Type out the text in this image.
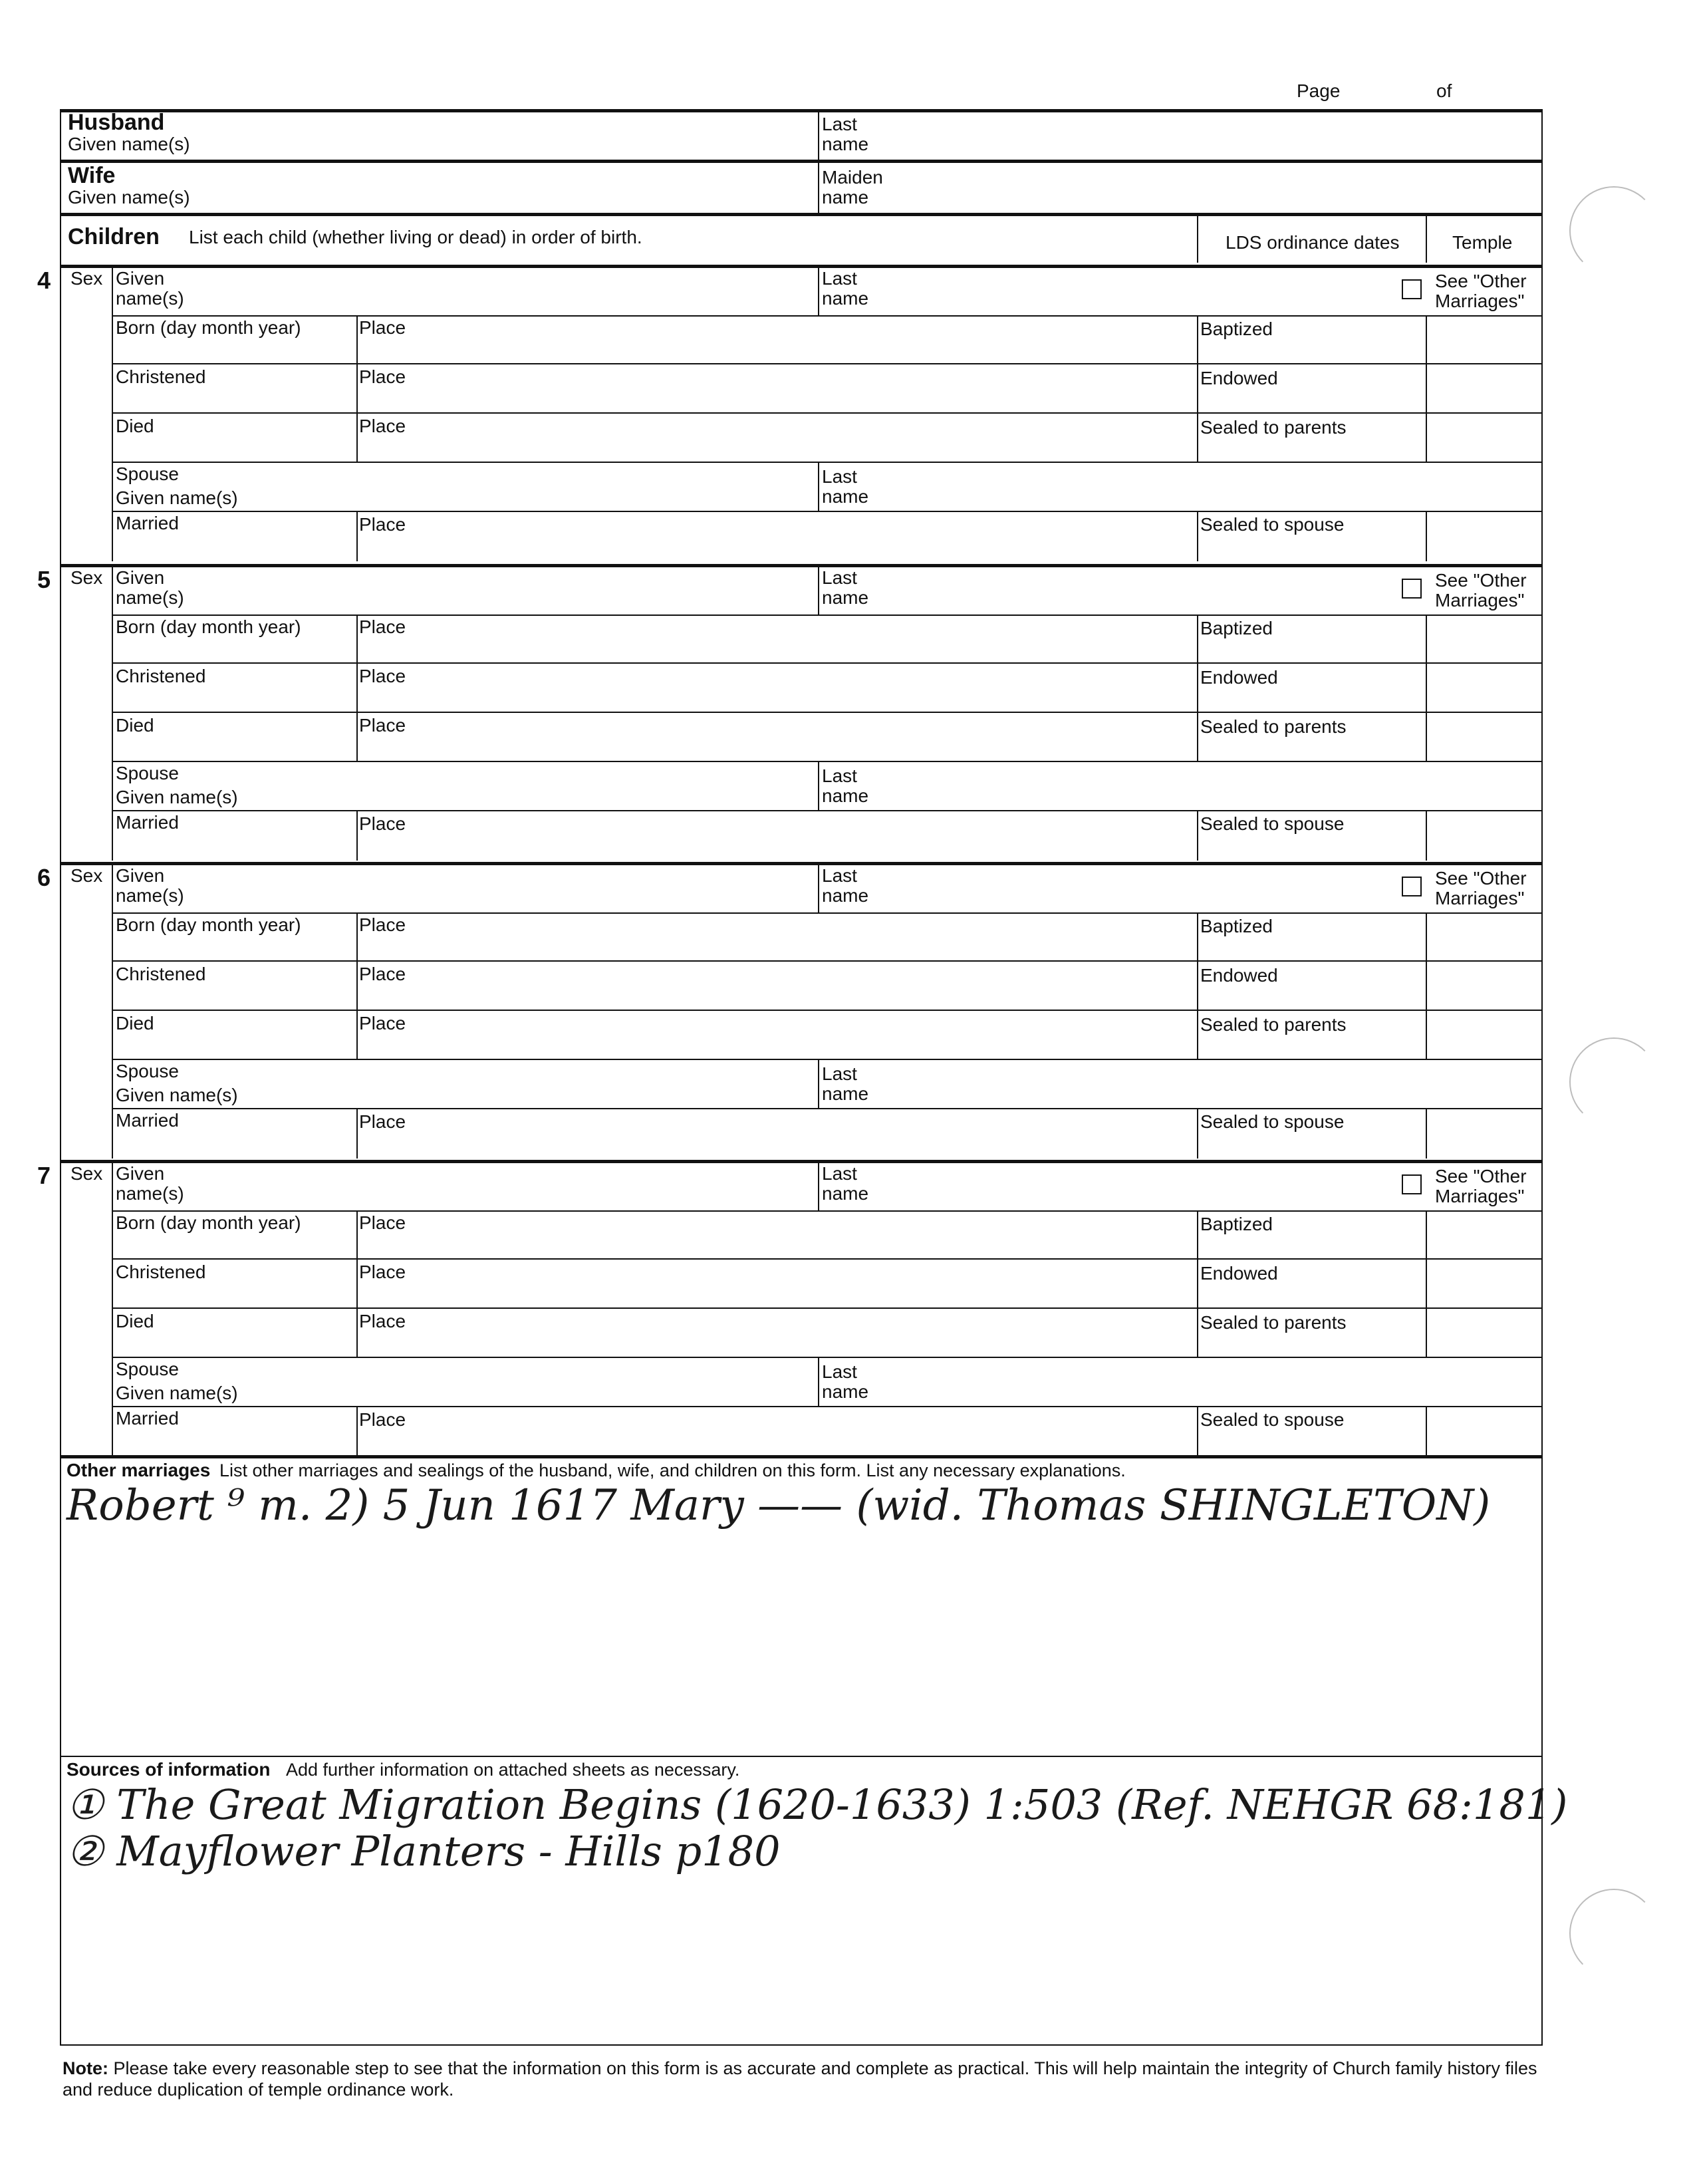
Page	of
Husband
Given name(s)
Last
name
Wife
Given name(s)
Maiden
name
Children List each child (whether living or dead) in order of birth.	LDS ordinance dates	Temple
4 Sex Given
name(s)
Last
name
See "Other
Marriages"
Born (day month year)	Place	Baptized
Christened	Place	Endowed
Died	Place	Sealed to parents
Spouse
Given name(s)
Last
name
Married	Place	Sealed to spouse
5 Sex Given
name(s)
Last
name
See "Other
Marriages"
Born (day month year)	Place	Baptized
Christened	Place	Endowed
Died	Place	Sealed to parents
Spouse
Given name(s)
Last
name
Married	Place	Sealed to spouse
6 Sex Given
name(s)
Last
name
See "Other
Marriages"
Born (day month year)	Place	Baptized
Christened	Place	Endowed
Died	Place	Sealed to parents
Spouse
Given name(s)
Last
name
Married	Place	Sealed to spouse
7 Sex Given
name(s)
Last
name
See "Other
Marriages"
Born (day month year)	Place	Baptized
Christened	Place	Endowed
Died	Place	Sealed to parents
Spouse
Given name(s)
Last
name
Married	Place	Sealed to spouse
Other marriages List other marriages and sealings of the husband, wife, and children on this form. List any necessary explanations.
Robert ⁹ m. 2) 5 Jun 1617 Mary —— (wid. Thomas SHINGLETON)
Sources of information Add further information on attached sheets as necessary.
① The Great Migration Begins (1620-1633) 1:503 (Ref. NEHGR 68:181)
② Mayflower Planters - Hills p180
Note: Please take every reasonable step to see that the information on this form is as accurate and complete as practical. This will help maintain the integrity of Church family history files and reduce duplication of temple ordinance work.
